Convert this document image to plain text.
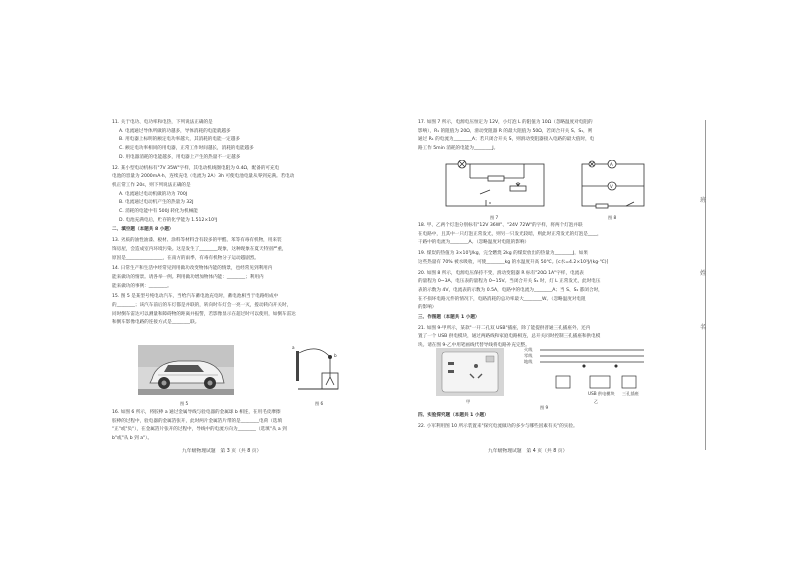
11. 关于电功、电功率和电热，下列说法正确的是
A. 电流通过导体所做的功越多，导体消耗的电能就越多
B. 用电器上标明的额定电功率越大，其消耗的电能一定越多
C. 额定电功率相同的用电器，正常工作时间越长，消耗的电能越多
D. 用电器消耗的电能越多，用电器上产生的热量不一定越多
12. 某小型电动机标有"7V 35W"字样，其电动机线圈电阻为 0.4Ω，配备的可充电
电池的容量为 2000mA·h，连续充电（电流为 2A）3h 可使电池电量从零到充满。若电动
机正常工作 20s，则下列说法正确的是
A. 电流通过电动机做的功为 700J
B. 电流通过电动机产生的热量为 32J
C. 消耗的电能中有 500J 转化为机械能
D. 电池充满电后，贮存的化学能为 1.512×10⁵J
二、填空题（本题共 8 小题）
13. 劣质的油性油漆、板材、涂料等材料含有较多的甲醛、苯等有毒有机物，用来装
饰房屋，会造成室内环境污染。这是发生了________现象，这种现象在夏天特别严重，
原因是________________，在南方的雨季，有毒有机物分子运动越剧烈。
14. 日常生产和生活中经常见到用做功改变物体内能的情景，也经常见到利用内
能来做功的情景。请各举一例。利用做功增加物体内能：________；利用内
能来做功的事例：________。
15. 图 5 是某型号纯电动汽车，当给汽车蓄电池充电时，蓄电池相当于电路组成中
的________；该汽车前后的车灯都是并联的，转向时车灯会一亮一灭，拨动转向开关时，
同时倒车雷达可以测量和障碍物的距离并报警，若影像显示在超过时可以使用，如倒车雷达
和倒车影像电路的连接方式是________联。
图 5
a
b
图 6
16. 如图 6 所示，将胶棒 a 通过金属导线与验电器的金属球 b 相连，在用毛皮摩擦
胶棒的过程中，验电器的金属箔张开，此时两片金属箔片带的是________电荷（选填
"正"或"负"），在金属箔片张开的过程中，导线中的电流方向为________（选填"从 a 到
b"或"从 b 到 a"）。
九年级物理试题　第 3 页（共 8 页）
17. 如图 7 所示，电源电压恒定为 12V，小灯泡 L 的阻值为 10Ω（忽略温度对电阻的
影响），R₁ 的阻值为 20Ω，滑动变阻器 R 的最大阻值为 50Ω，若闭合开关 S、S₁，则
通过 R₁ 的电流为________A；若只闭合开关 S，则滑动变阻器接入电路的最大值时，电
路工作 5min 消耗的电能为________J。
图 7
A
V
图 8
18. 甲、乙两个灯泡分别标有"12V 36W"、"24V 72W"的字样，将两个灯泡并联
在电路中，且其中一只灯泡正常发光，则另一只发光较暗，则此时正常发光的灯泡是____，
干路中的电流为________A。（忽略温度对电阻的影响）
19. 煤炭的热值为 3×10⁷J/kg，完全燃烧 2kg 的煤炭放出的热量为________J，如果
这些热量有 70% 被水吸收，可使________kg 的水温度升高 50℃。[c水=4.2×10³J/(kg·℃)]
20. 如图 8 所示，电源电压保持不变，滑动变阻器 R 标有"20Ω 1A"字样，电流表
的量程为 0~3A，电压表的量程为 0~15V。当闭合开关 S₁ 时，灯 L 正常发光，此时电压
表的示数为 4V，电流表的示数为 0.5A，电路中的电流为________A；当 S、S₁ 都闭合时，
在不损坏电路元件的情况下，电路消耗的总功率最大________W。（忽略温度对电阻
的影响）
三、作图题（本题共 1 小题）
21. 如图 9-甲所示，某款"一开二孔双 USB"插座，除了能提供普通三孔插座外，还内
置了一个 USB 供电模块，通过两路线和家庭电路相连，总开关同时控制三孔插座和供电模
块。请在图 9-乙中用笔画线代替导线将电路补充完整。
甲
火线
零线
地线
USB 供电模块 三孔插座
乙
图 9
四、实验探究题（本题共 1 小题）
22. 小军利用图 10 所示装置来"探究电流做功的多少与哪些因素有关"的实验。
九年级物理试题　第 4 页（共 8 页）
班
姓
名
